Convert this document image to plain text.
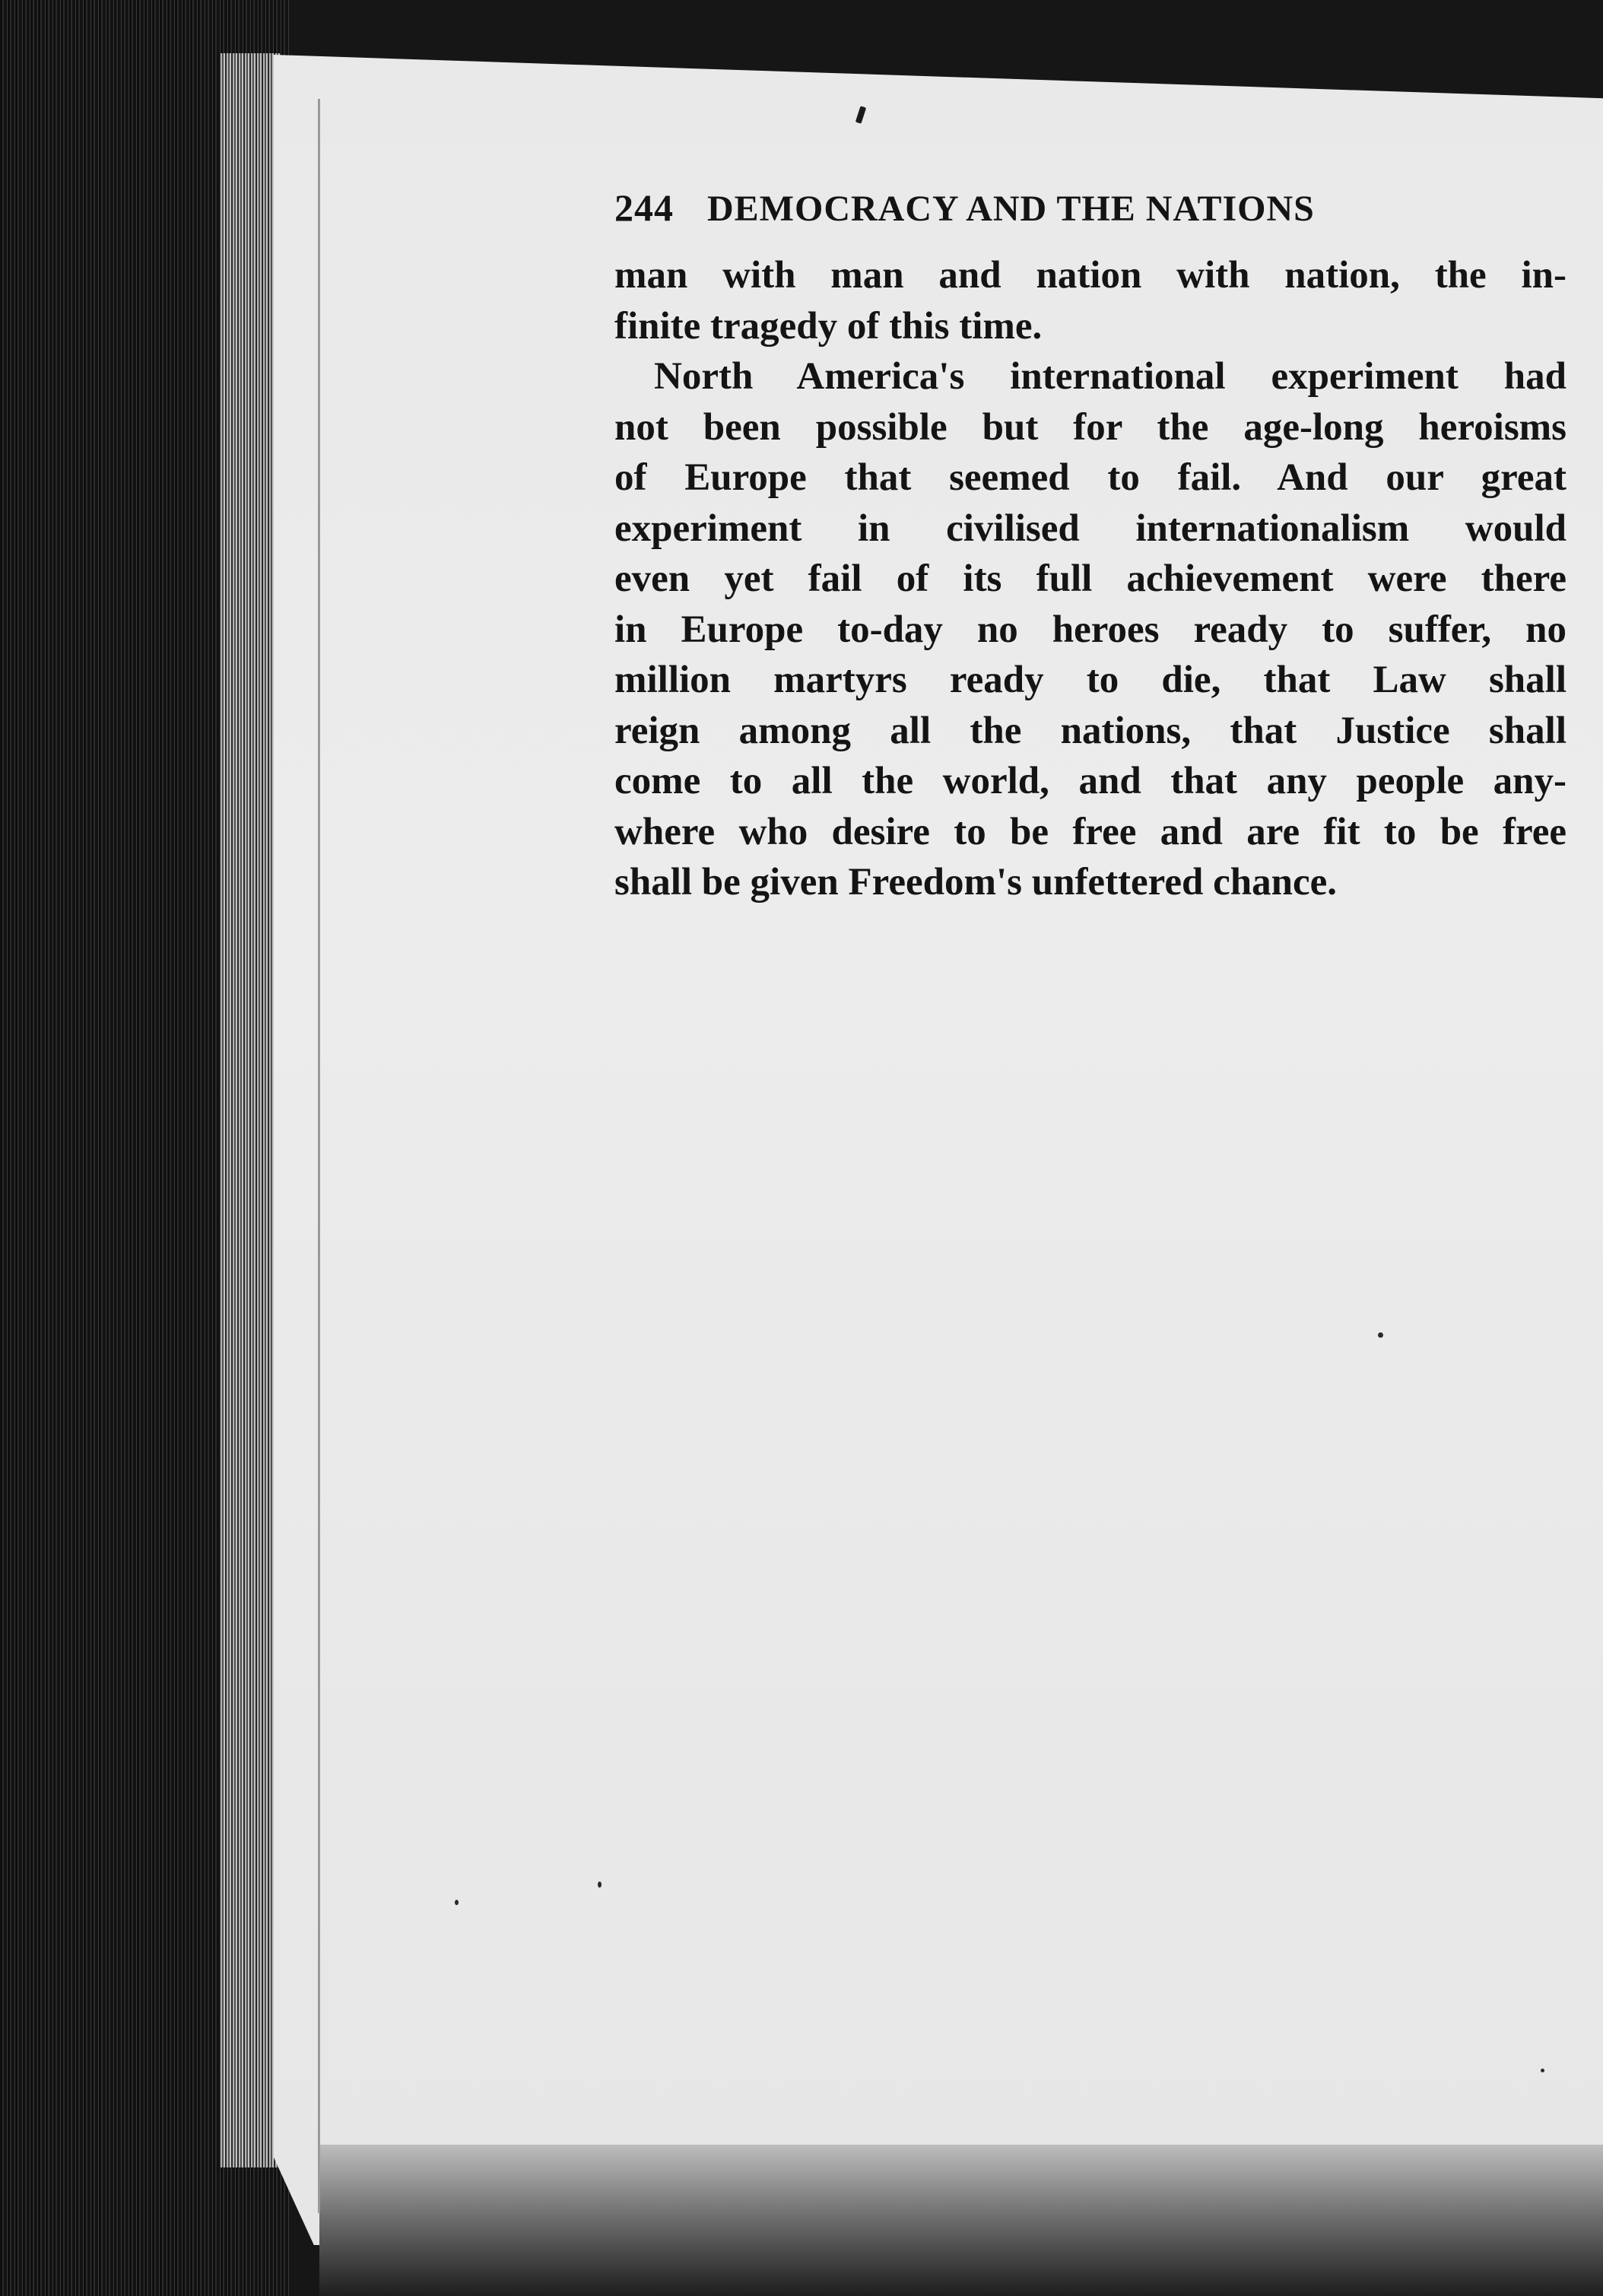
244 DEMOCRACY AND THE NATIONS

man with man and nation with nation, the in-
finite tragedy of this time.

North America's international experiment had
not been possible but for the age-long heroisms
of Europe that seemed to fail. And our great
experiment in civilised internationalism would
even yet fail of its full achievement were there
in Europe to-day no heroes ready to suffer, no
million martyrs ready to die, that Law shall
reign among all the nations, that Justice shall
come to all the world, and that any people any-
where who desire to be free and are fit to be free
shall be given Freedom's unfettered chance.
